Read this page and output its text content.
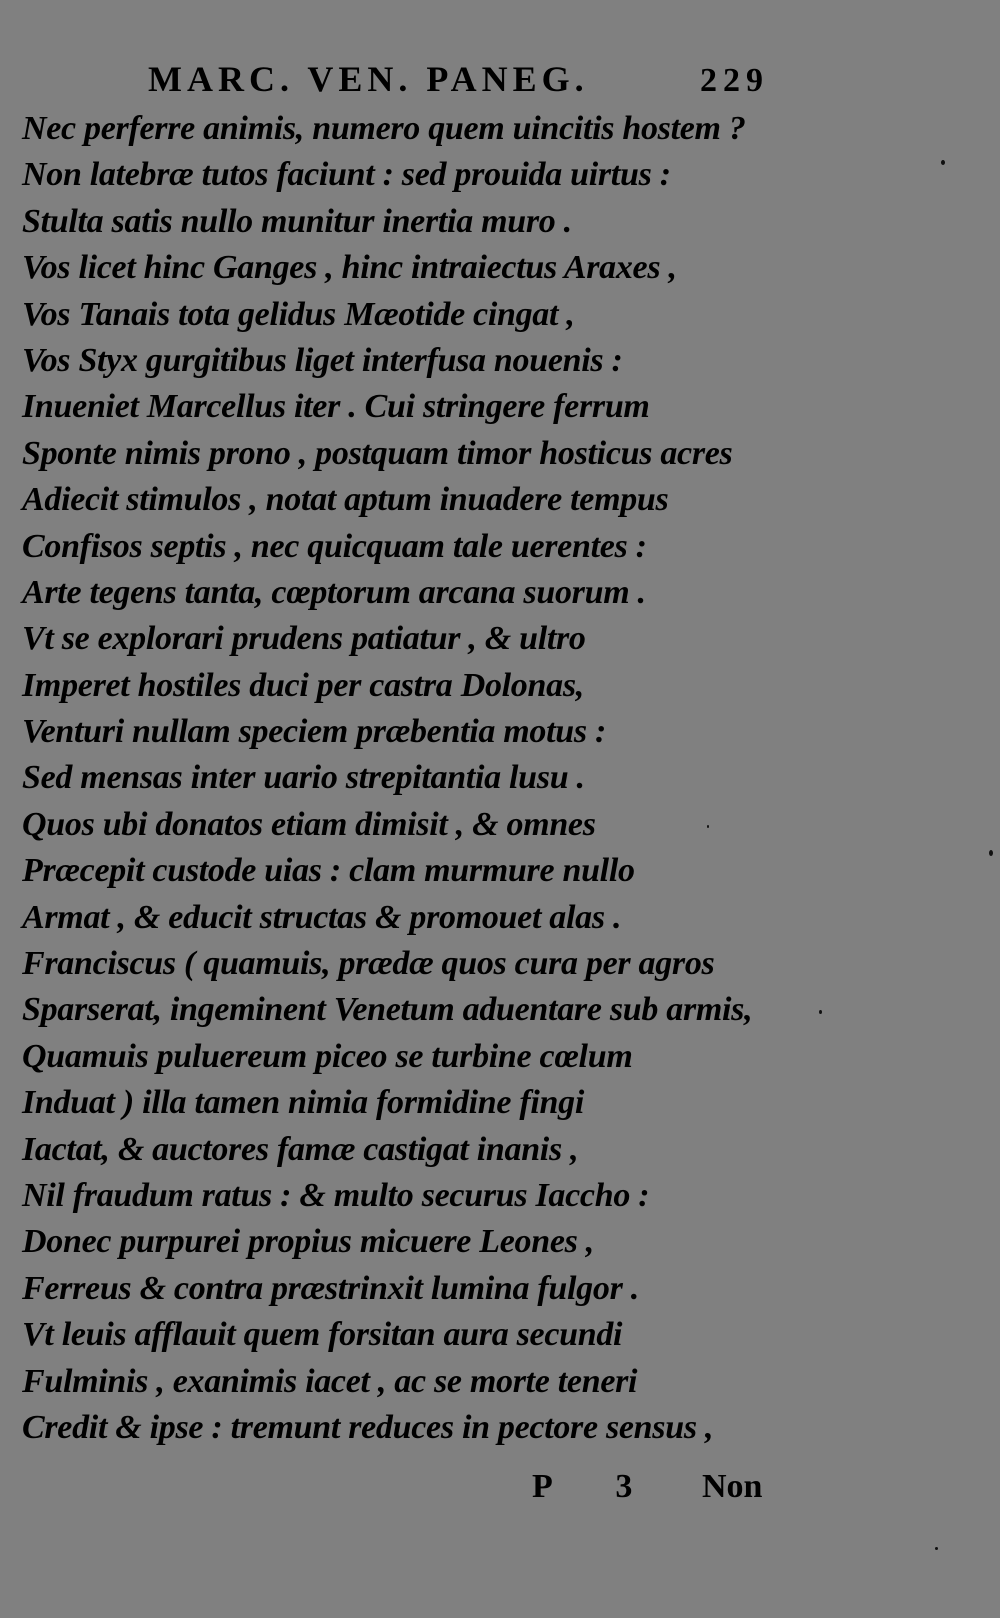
MARC. VEN. PANEG.	229
Nec perferre animis, numero quem uincitis hostem ?
Non latebræ tutos faciunt : sed prouida uirtus :
Stulta satis nullo munitur inertia muro .
Vos licet hinc Ganges , hinc intraiectus Araxes ,
Vos Tanais tota gelidus Mæotide cingat ,
Vos Styx gurgitibus liget interfusa nouenis :
Inueniet Marcellus iter . Cui stringere ferrum
Sponte nimis prono , postquam timor hosticus acres
Adiecit stimulos , notat aptum inuadere tempus
Confisos septis , nec quicquam tale uerentes :
Arte tegens tanta, cœptorum arcana suorum .
Vt se explorari prudens patiatur , & ultro
Imperet hostiles duci per castra Dolonas,
Venturi nullam speciem præbentia motus :
Sed mensas inter uario strepitantia lusu .
Quos ubi donatos etiam dimisit , & omnes
Præcepit custode uias : clam murmure nullo
Armat , & educit structas & promouet alas .
Franciscus ( quamuis, prædæ quos cura per agros
Sparserat, ingeminent Venetum aduentare sub armis,
Quamuis puluereum piceo se turbine cœlum
Induat ) illa tamen nimia formidine fingi
Iactat, & auctores famæ castigat inanis ,
Nil fraudum ratus : & multo securus Iaccho :
Donec purpurei propius micuere Leones ,
Ferreus & contra præstrinxit lumina fulgor .
Vt leuis afflauit quem forsitan aura secundi
Fulminis , exanimis iacet , ac se morte teneri
Credit & ipse : tremunt reduces in pectore sensus ,
P 3 Non
